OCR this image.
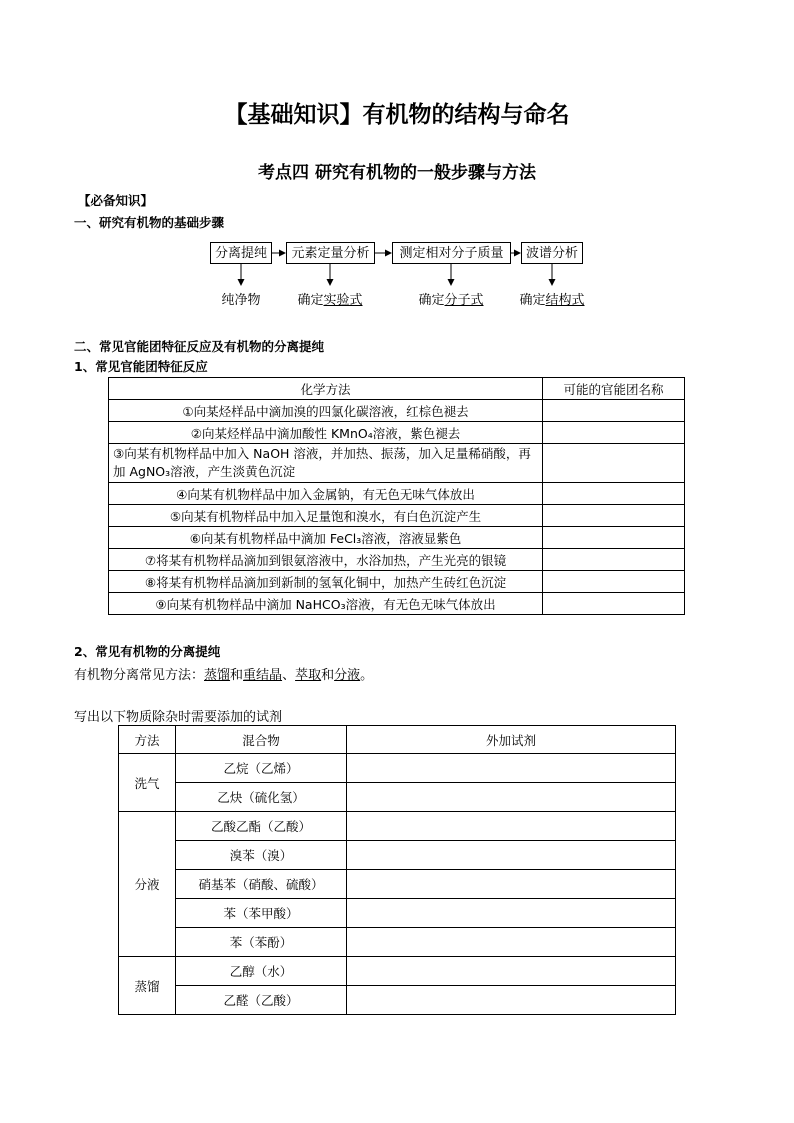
【基础知识】有机物的结构与命名
考点四 研究有机物的一般步骤与方法
【必备知识】
一、研究有机物的基础步骤
分离提纯	元素定量分析	测定相对分子质量	波谱分析
纯净物	确定实验式	确定分子式	确定结构式
二、常见官能团特征反应及有机物的分离提纯
1、常见官能团特征反应
化学方法	可能的官能团名称
①向某烃样品中滴加溴的四氯化碳溶液，红棕色褪去	
②向某烃样品中滴加酸性 KMnO₄溶液，紫色褪去	
③向某有机物样品中加入 NaOH 溶液，并加热、振荡，加入足量稀硝酸，再加 AgNO₃溶液，产生淡黄色沉淀	
④向某有机物样品中加入金属钠，有无色无味气体放出	
⑤向某有机物样品中加入足量饱和溴水，有白色沉淀产生	
⑥向某有机物样品中滴加 FeCl₃溶液，溶液显紫色	
⑦将某有机物样品滴加到银氨溶液中，水浴加热，产生光亮的银镜	
⑧将某有机物样品滴加到新制的氢氧化铜中，加热产生砖红色沉淀	
⑨向某有机物样品中滴加 NaHCO₃溶液，有无色无味气体放出	
2、常见有机物的分离提纯
有机物分离常见方法：蒸馏和重结晶、萃取和分液。
写出以下物质除杂时需要添加的试剂
方法	混合物	外加试剂
洗气	乙烷（乙烯）	
	乙炔（硫化氢）	
分液	乙酸乙酯（乙酸）	
	溴苯（溴）	
	硝基苯（硝酸、硫酸）	
	苯（苯甲酸）	
	苯（苯酚）	
蒸馏	乙醇（水）	
	乙醛（乙酸）	
